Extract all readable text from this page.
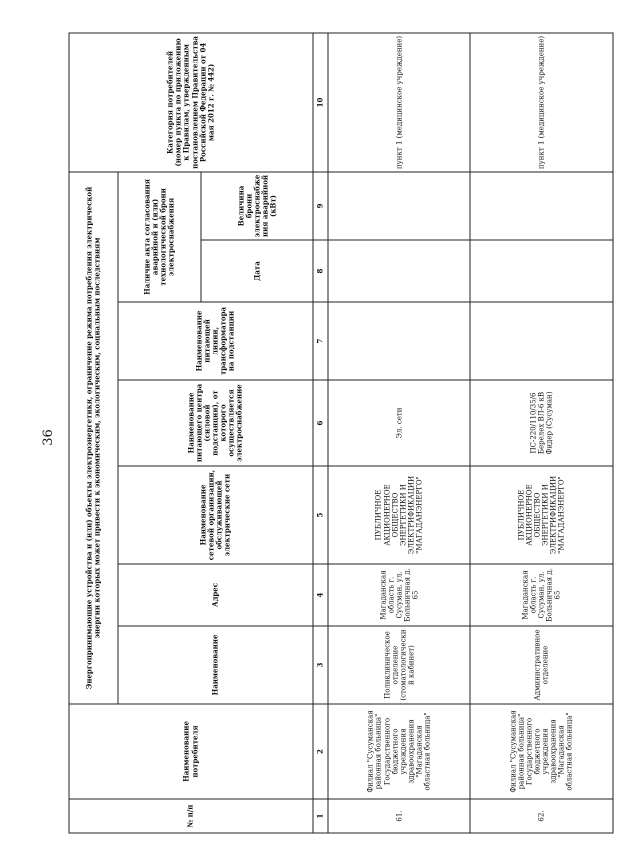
36
№ п/п	Наименование потребителя	Энергопринимающие устройства и (или) объекты электроэнергетики, ограничение режима потребления электрической энергии которых может привести к экономическим, экологическим, социальным последствиям							Категория потребителей (номер пункта по приложению к Правилам, утвержденным постановлением Правительства Российской Федерации от 04 мая 2012 г. № 442)
		Наименование	Адрес	Наименование сетевой организации, обслуживающей электрические сети	Наименование питающего центра (силовой подстанции), от которого осуществляется электроснабжение	Наименование питающей линии, трансформатора на подстанции	Наличие акта согласования аварийной и (или) технологической брони электроснабжения		
							Дата	Величина брони электроснабжения аварийной (кВт)	
1	2	3	4	5	6	7	8	9	10
61.	Филиал "Сусуманская районная больница" Государственного бюджетного учреждения здравоохранения "Магаданская областная больница"	Поликлиническое отделение (стоматологический кабинет)	Магаданская область г. Сусуман, ул. Больничная д. 65	ПУБЛИЧНОЕ АКЦИОНЕРНОЕ ОБЩЕСТВО ЭНЕРГЕТИКИ И ЭЛЕКТРИФИКАЦИИ "МАГАДАНЭНЕРГО"	Эл. сети				пункт 1 (медицинское учреждение)
62.	Филиал "Сусуманская районная больница" Государственного бюджетного учреждения здравоохранения "Магаданская областная больница"	Административное отделение	Магаданская область г. Сусуман, ул. Больничная д. 65	ПУБЛИЧНОЕ АКЦИОНЕРНОЕ ОБЩЕСТВО ЭНЕРГЕТИКИ И ЭЛЕКТРИФИКАЦИИ "МАГАДАНЭНЕРГО"	ПС-220/110/35/6 Берелех ВЛ-6 кВ Фидер (Сусуман)				пункт 1 (медицинское учреждение)
